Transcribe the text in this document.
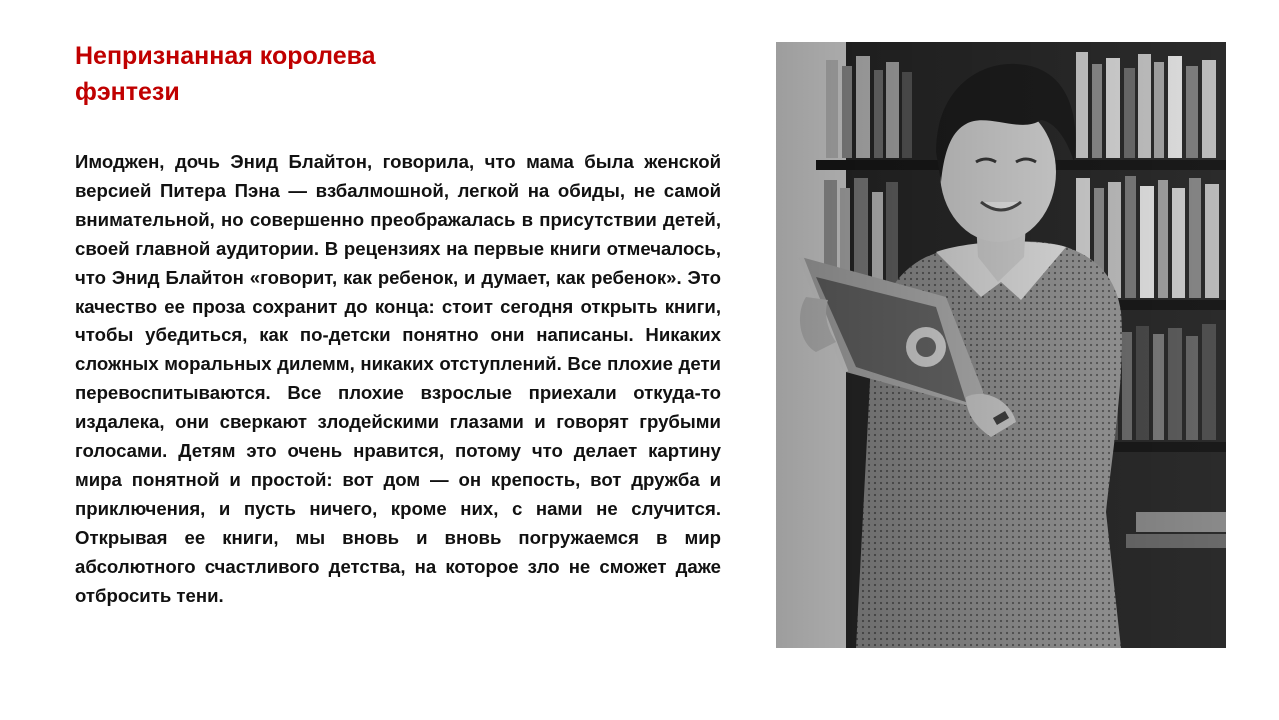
Непризнанная королева
фэнтези

Имоджен, дочь Энид Блайтон, говорила, что мама была женской версией Питера Пэна — взбалмошной, легкой на обиды, не самой внимательной, но совершенно преображалась в присутствии детей, своей главной аудитории. В рецензиях на первые книги отмечалось, что Энид Блайтон «говорит, как ребенок, и думает, как ребенок». Это качество ее проза сохранит до конца: стоит сегодня открыть книги, чтобы убедиться, как по-детски понятно они написаны. Никаких сложных моральных дилемм, никаких отступлений. Все плохие дети перевоспитываются. Все плохие взрослые приехали откуда-то издалека, они сверкают злодейскими глазами и говорят грубыми голосами. Детям это очень нравится, потому что делает картину мира понятной и простой: вот дом — он крепость, вот дружба и приключения, и пусть ничего, кроме них, с нами не случится. Открывая ее книги, мы вновь и вновь погружаемся в мир абсолютного счастливого детства, на которое зло не сможет даже отбросить тени.
